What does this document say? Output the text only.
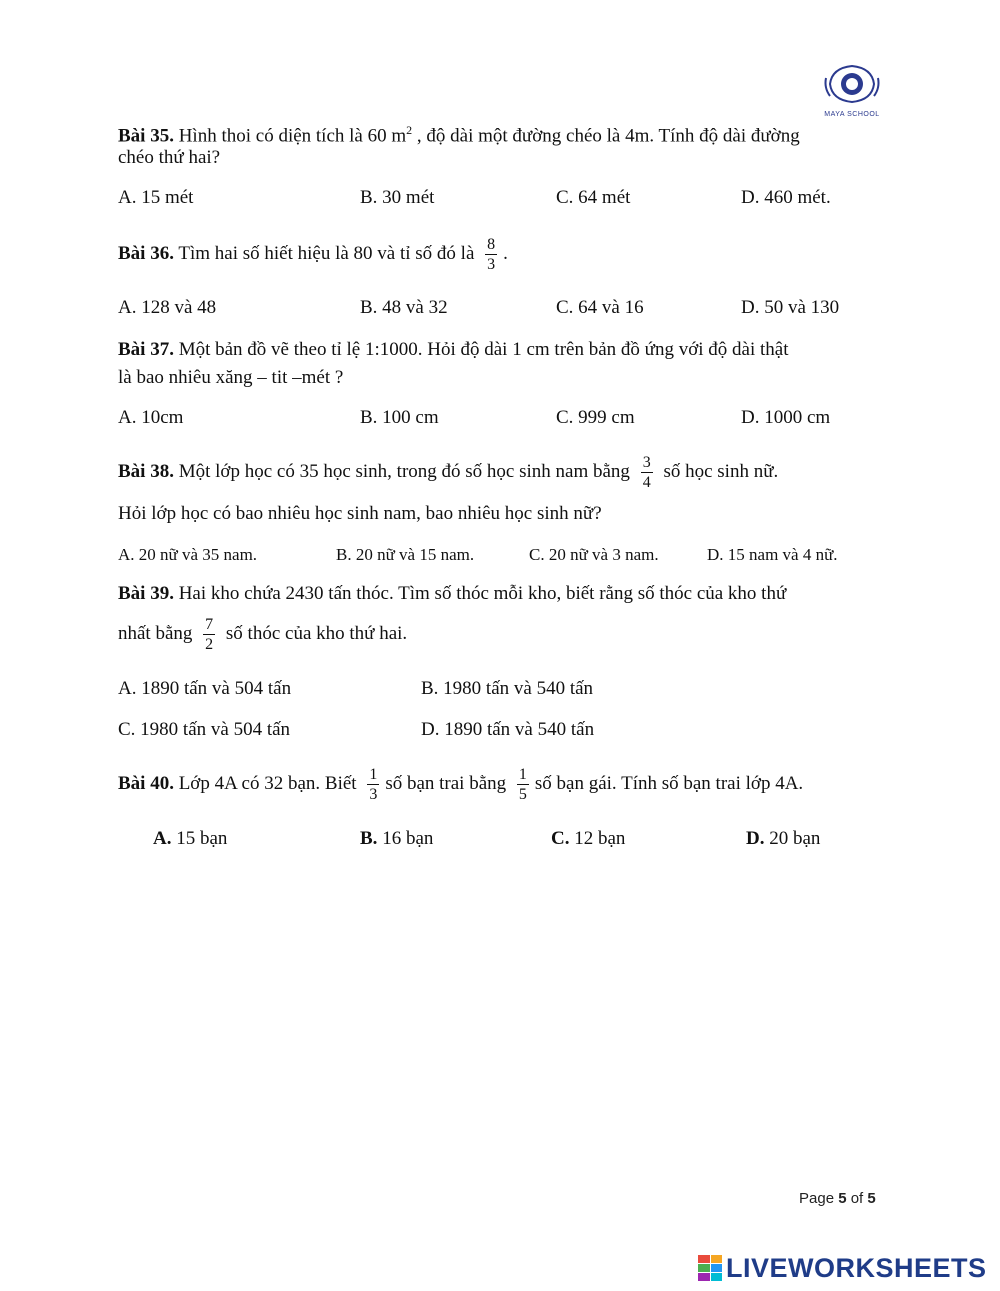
MAYA SCHOOL
Bài 35. Hình thoi có diện tích là 60 $m^2$ , độ dài một đường chéo là 4m. Tính độ dài đường
chéo thứ hai?
A. 15 mét	B. 30 mét	C. 64 mét	D. 460 mét.
Bài 36. Tìm hai số hiết hiệu là 80 và tỉ số đó là $\frac{8}{3}$ .
A. 128 và 48	B. 48 và 32	C. 64 và 16	D. 50 và 130
Bài 37. Một bản đồ vẽ theo tỉ lệ 1:1000. Hỏi độ dài 1 cm trên bản đồ ứng với độ dài thật
là bao nhiêu xăng – tit –mét ?
A. 10cm	B. 100 cm	C. 999 cm	D. 1000 cm
Bài 38. Một lớp học có 35 học sinh, trong đó số học sinh nam bằng $\frac{3}{4}$ số học sinh nữ.
Hỏi lớp học có bao nhiêu học sinh nam, bao nhiêu học sinh nữ?
A. 20 nữ và 35 nam.	B. 20 nữ và 15 nam.	C. 20 nữ và 3 nam.	D. 15 nam và 4 nữ.
Bài 39. Hai kho chứa 2430 tấn thóc. Tìm số thóc mỗi kho, biết rằng số thóc của kho thứ
nhất bằng $\frac{7}{2}$ số thóc của kho thứ hai.
A. 1890 tấn và 504 tấn	B. 1980 tấn và 540 tấn
C. 1980 tấn và 504 tấn	D. 1890 tấn và 540 tấn
Bài 40. Lớp 4A có 32 bạn. Biết $\frac{1}{3}$ số bạn trai bằng $\frac{1}{5}$ số bạn gái. Tính số bạn trai lớp 4A.
A. 15 bạn	B. 16 bạn	C. 12 bạn	D. 20 bạn
Page 5 of 5
LIVEWORKSHEETS
